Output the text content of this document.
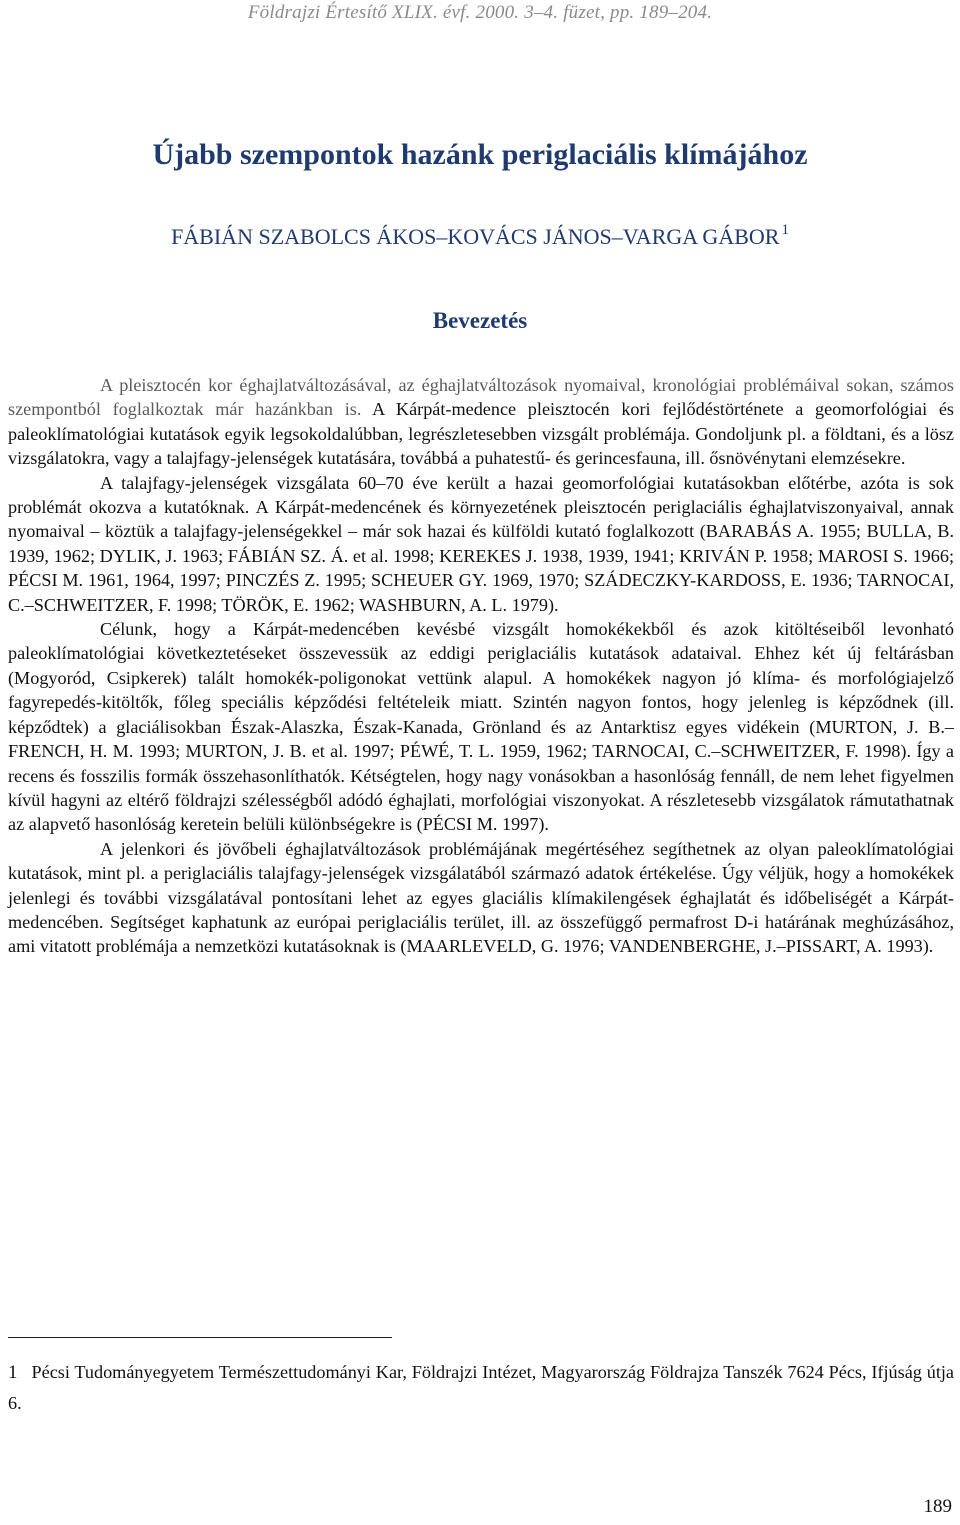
Földrajzi Értesítő XLIX. évf. 2000. 3–4. füzet, pp. 189–204.
Újabb szempontok hazánk periglaciális klímájához
FÁBIÁN SZABOLCS ÁKOS–KOVÁCS JÁNOS–VARGA GÁBOR $^1$
Bevezetés

A pleisztocén kor éghajlatváltozásával, az éghajlatváltozások nyomaival, kronológiai problémáival sokan, számos szempontból foglalkoztak már hazánkban is. A Kárpát-medence pleisztocén kori fejlődéstörténete a geomorfológiai és paleoklímatológiai kutatások egyik legsokoldalúbban, legrészletesebben vizsgált problémája. Gondoljunk pl. a földtani, és a lösz vizsgálatokra, vagy a talajfagy-jelenségek kutatására, továbbá a puhatestű- és gerincesfauna, ill. ősnövénytani elemzésekre.

A talajfagy-jelenségek vizsgálata 60–70 éve került a hazai geomorfológiai kutatásokban előtérbe, azóta is sok problémát okozva a kutatóknak. A Kárpát-medencének és környezetének pleisztocén periglaciális éghajlatviszonyaival, annak nyomaival – köztük a talajfagy-jelenségekkel – már sok hazai és külföldi kutató foglalkozott (BARABÁS A. 1955; BULLA, B. 1939, 1962; DYLIK, J. 1963; FÁBIÁN SZ. Á. et al. 1998; KEREKES J. 1938, 1939, 1941; KRIVÁN P. 1958; MAROSI S. 1966; PÉCSI M. 1961, 1964, 1997; PINCZÉS Z. 1995; SCHEUER GY. 1969, 1970; SZÁDECZKY-KARDOSS, E. 1936; TARNOCAI, C.–SCHWEITZER, F. 1998; TÖRÖK, E. 1962; WASHBURN, A. L. 1979).

Célunk, hogy a Kárpát-medencében kevésbé vizsgált homokékekből és azok kitöltéseiből levonható paleoklímatológiai következtetéseket összevessük az eddigi periglaciális kutatások adataival. Ehhez két új feltárásban (Mogyoród, Csipkerek) talált homokék-poligonokat vettünk alapul. A homokékek nagyon jó klíma- és morfológiajelző fagyrepedés-kitöltők, főleg speciális képződési feltételeik miatt. Szintén nagyon fontos, hogy jelenleg is képződnek (ill. képződtek) a glaciálisokban Észak-Alaszka, Észak-Kanada, Grönland és az Antarktisz egyes vidékein (MURTON, J. B.–FRENCH, H. M. 1993; MURTON, J. B. et al. 1997; PÉWÉ, T. L. 1959, 1962; TARNOCAI, C.–SCHWEITZER, F. 1998). Így a recens és fosszilis formák összehasonlíthatók. Kétségtelen, hogy nagy vonásokban a hasonlóság fennáll, de nem lehet figyelmen kívül hagyni az eltérő földrajzi szélességből adódó éghajlati, morfológiai viszonyokat. A részletesebb vizsgálatok rámutathatnak az alapvető hasonlóság keretein belüli különbségekre is (PÉCSI M. 1997).

A jelenkori és jövőbeli éghajlatváltozások problémájának megértéséhez segíthetnek az olyan paleoklímatológiai kutatások, mint pl. a periglaciális talajfagy-jelenségek vizsgálatából származó adatok értékelése. Úgy véljük, hogy a homokékek jelenlegi és további vizsgálatával pontosítani lehet az egyes glaciális klímakilengések éghajlatát és időbeliségét a Kárpát-medencében. Segítséget kaphatunk az európai periglaciális terület, ill. az összefüggő permafrost D-i határának meghúzásához, ami vitatott problémája a nemzetközi kutatásoknak is (MAARLEVELD, G. 1976; VANDENBERGHE, J.–PISSART, A. 1993).

1 Pécsi Tudományegyetem Természettudományi Kar, Földrajzi Intézet, Magyarország Földrajza Tanszék 7624 Pécs, Ifjúság útja 6.
189
